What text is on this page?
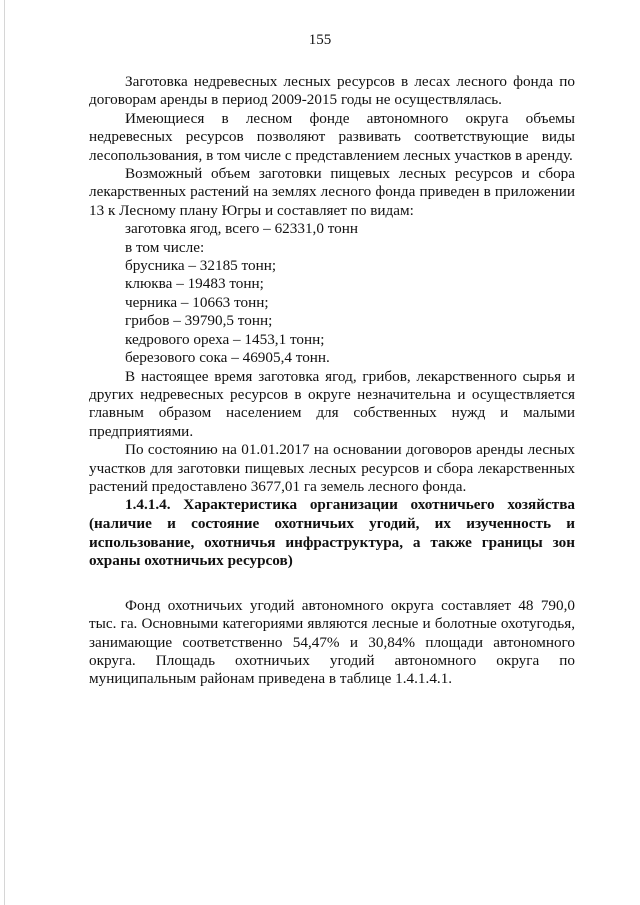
155

Заготовка недревесных лесных ресурсов в лесах лесного фонда по договорам аренды в период 2009-2015 годы не осуществлялась.

Имеющиеся в лесном фонде автономного округа объемы недревесных ресурсов позволяют развивать соответствующие виды лесопользования, в том числе с представлением лесных участков в аренду.

Возможный объем заготовки пищевых лесных ресурсов и сбора лекарственных растений на землях лесного фонда приведен в приложении 13 к Лесному плану Югры и составляет по видам:

заготовка ягод, всего – 62331,0 тонн
в том числе:
брусника – 32185 тонн;
клюква – 19483 тонн;
черника – 10663 тонн;
грибов – 39790,5 тонн;
кедрового ореха – 1453,1 тонн;
березового сока – 46905,4 тонн.

В настоящее время заготовка ягод, грибов, лекарственного сырья и других недревесных ресурсов в округе незначительна и осуществляется главным образом населением для собственных нужд и малыми предприятиями.

По состоянию на 01.01.2017 на основании договоров аренды лесных участков для заготовки пищевых лесных ресурсов и сбора лекарственных растений предоставлено 3677,01 га земель лесного фонда.

1.4.1.4. Характеристика организации охотничьего хозяйства (наличие и состояние охотничьих угодий, их изученность и использование, охотничья инфраструктура, а также границы зон охраны охотничьих ресурсов)

Фонд охотничьих угодий автономного округа составляет 48 790,0 тыс. га. Основными категориями являются лесные и болотные охотугодья, занимающие соответственно 54,47% и 30,84% площади автономного округа. Площадь охотничьих угодий автономного округа по муниципальным районам приведена в таблице 1.4.1.4.1.
